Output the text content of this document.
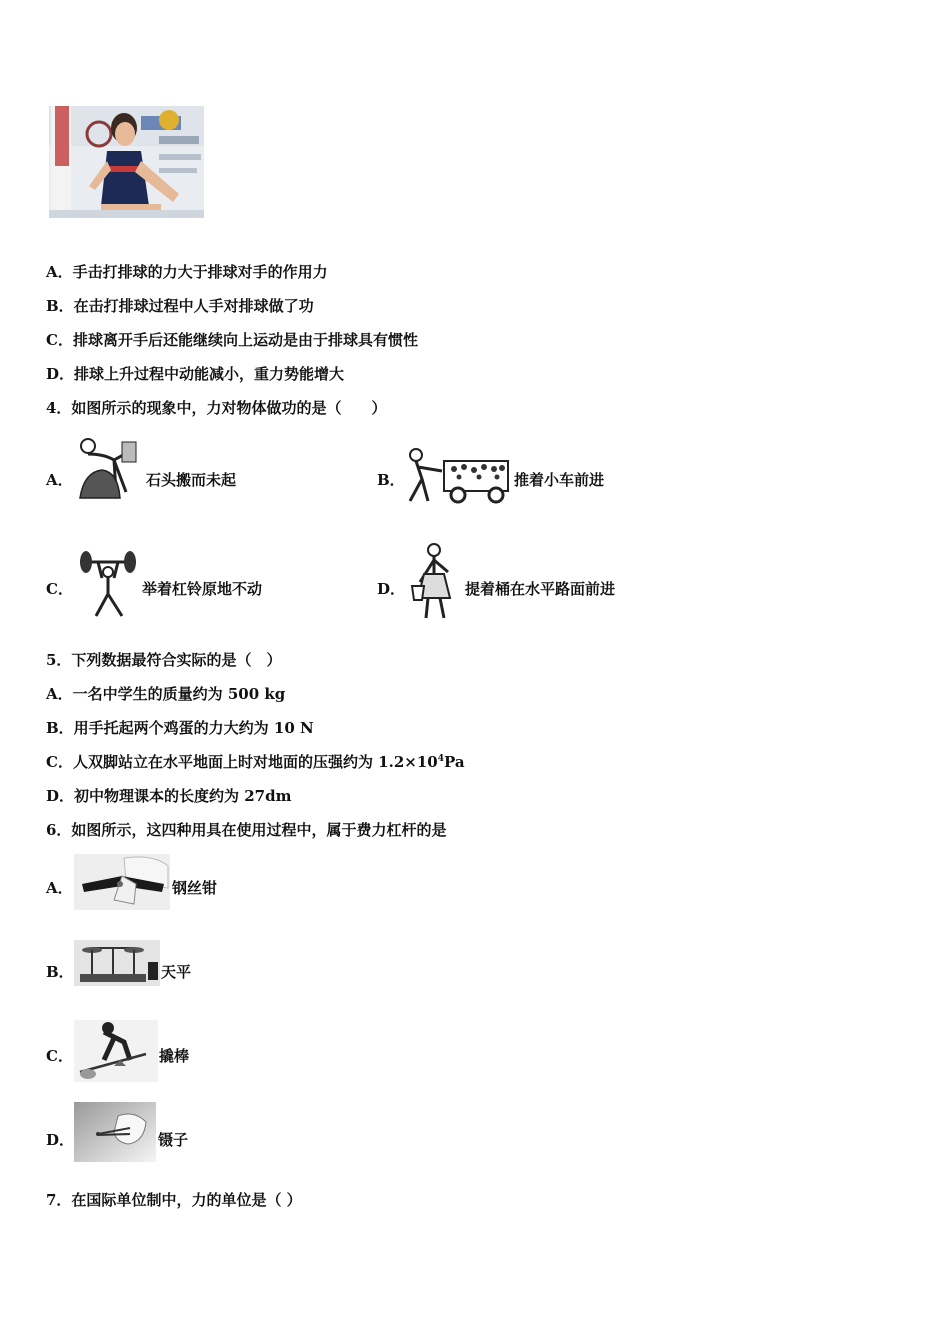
A．手击打排球的力大于排球对手的作用力
B．在击打排球过程中人手对排球做了功
C．排球离开手后还能继续向上运动是由于排球具有惯性
D．排球上升过程中动能减小，重力势能增大
4．如图所示的现象中，力对物体做功的是（　　）
A．	石头搬而未起	B．	推着小车前进
C．	举着杠铃原地不动	D．	提着桶在水平路面前进
5．下列数据最符合实际的是（　）
A．一名中学生的质量约为 500 kg
B．用手托起两个鸡蛋的力大约为 10 N
C．人双脚站立在水平地面上时对地面的压强约为 $1.2\times 10^4Pa$
D．初中物理课本的长度约为 27dm
6．如图所示，这四种用具在使用过程中，属于费力杠杆的是
A．	钢丝钳
B．	天平
C．	撬棒
D．	镊子
7．在国际单位制中，力的单位是（ ）
